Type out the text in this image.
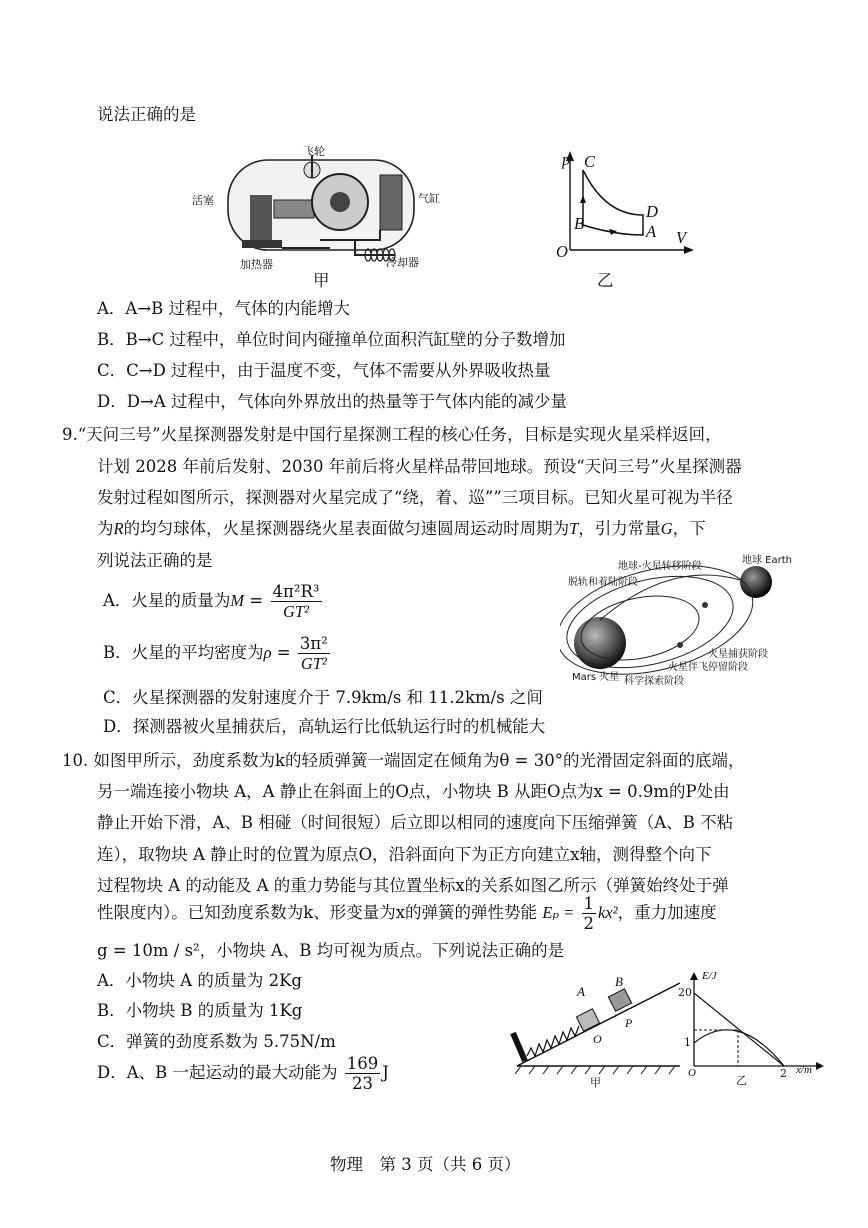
说法正确的是
飞轮
活塞	气缸
加热器	冷却器
甲
p
V
O
A
B
C
D
乙
A．A→B 过程中，气体的内能增大
B．B→C 过程中，单位时间内碰撞单位面积汽缸壁的分子数增加
C．C→D 过程中，由于温度不变，气体不需要从外界吸收热量
D．D→A 过程中，气体向外界放出的热量等于气体内能的减少量
9.“天问三号”火星探测器发射是中国行星探测工程的核心任务，目标是实现火星采样返回，
计划 2028 年前后发射、2030 年前后将火星样品带回地球。预设“天问三号”火星探测器
发射过程如图所示，探测器对火星完成了“绕，着、巡””三项目标。已知火星可视为半径
为R的均匀球体，火星探测器绕火星表面做匀速圆周运动时周期为T，引力常量G，下
列说法正确的是
A．火星的质量为$M = \frac{\text{4π²R³}}{\text{GT²}}$
B．火星的平均密度为$\rho = \frac{\text{3π²}}{\text{GT²}}$
C．火星探测器的发射速度介于 7.9km/s 和 11.2km/s 之间
D．探测器被火星捕获后，高轨运行比低轨运行时的机械能大
地球 Earth
地球-火星转移阶段
脱轨和着陆阶段
火星捕获阶段
火星伴飞停留阶段
科学探索阶段
Mars 火星
10. 如图甲所示，劲度系数为k的轻质弹簧一端固定在倾角为θ = 30°的光滑固定斜面的底端，
另一端连接小物块 A，A 静止在斜面上的O点，小物块 B 从距O点为x = 0.9m的P处由
静止开始下滑，A、B 相碰（时间很短）后立即以相同的速度向下压缩弹簧（A、B 不粘
连），取物块 A 静止时的位置为原点O，沿斜面向下为正方向建立x轴，测得整个向下
过程物块 A 的动能及 A 的重力势能与其位置坐标x的关系如图乙所示（弹簧始终处于弹
性限度内）。已知劲度系数为k、形变量为x的弹簧的弹性势能 $E_p = \frac{1}{2} kx^2$，重力加速度
g = 10m / s²，小物块 A、B 均可视为质点。下列说法正确的是
A．小物块 A 的质量为 2Kg
B．小物块 B 的质量为 1Kg
C．弹簧的劲度系数为 5.75N/m
D．A、B 一起运动的最大动能为 $\frac{169}{23}$ J
A
B
O
P
甲
E/J
20
1
O	2 x/m
乙
物理　第 3 页（共 6 页）
